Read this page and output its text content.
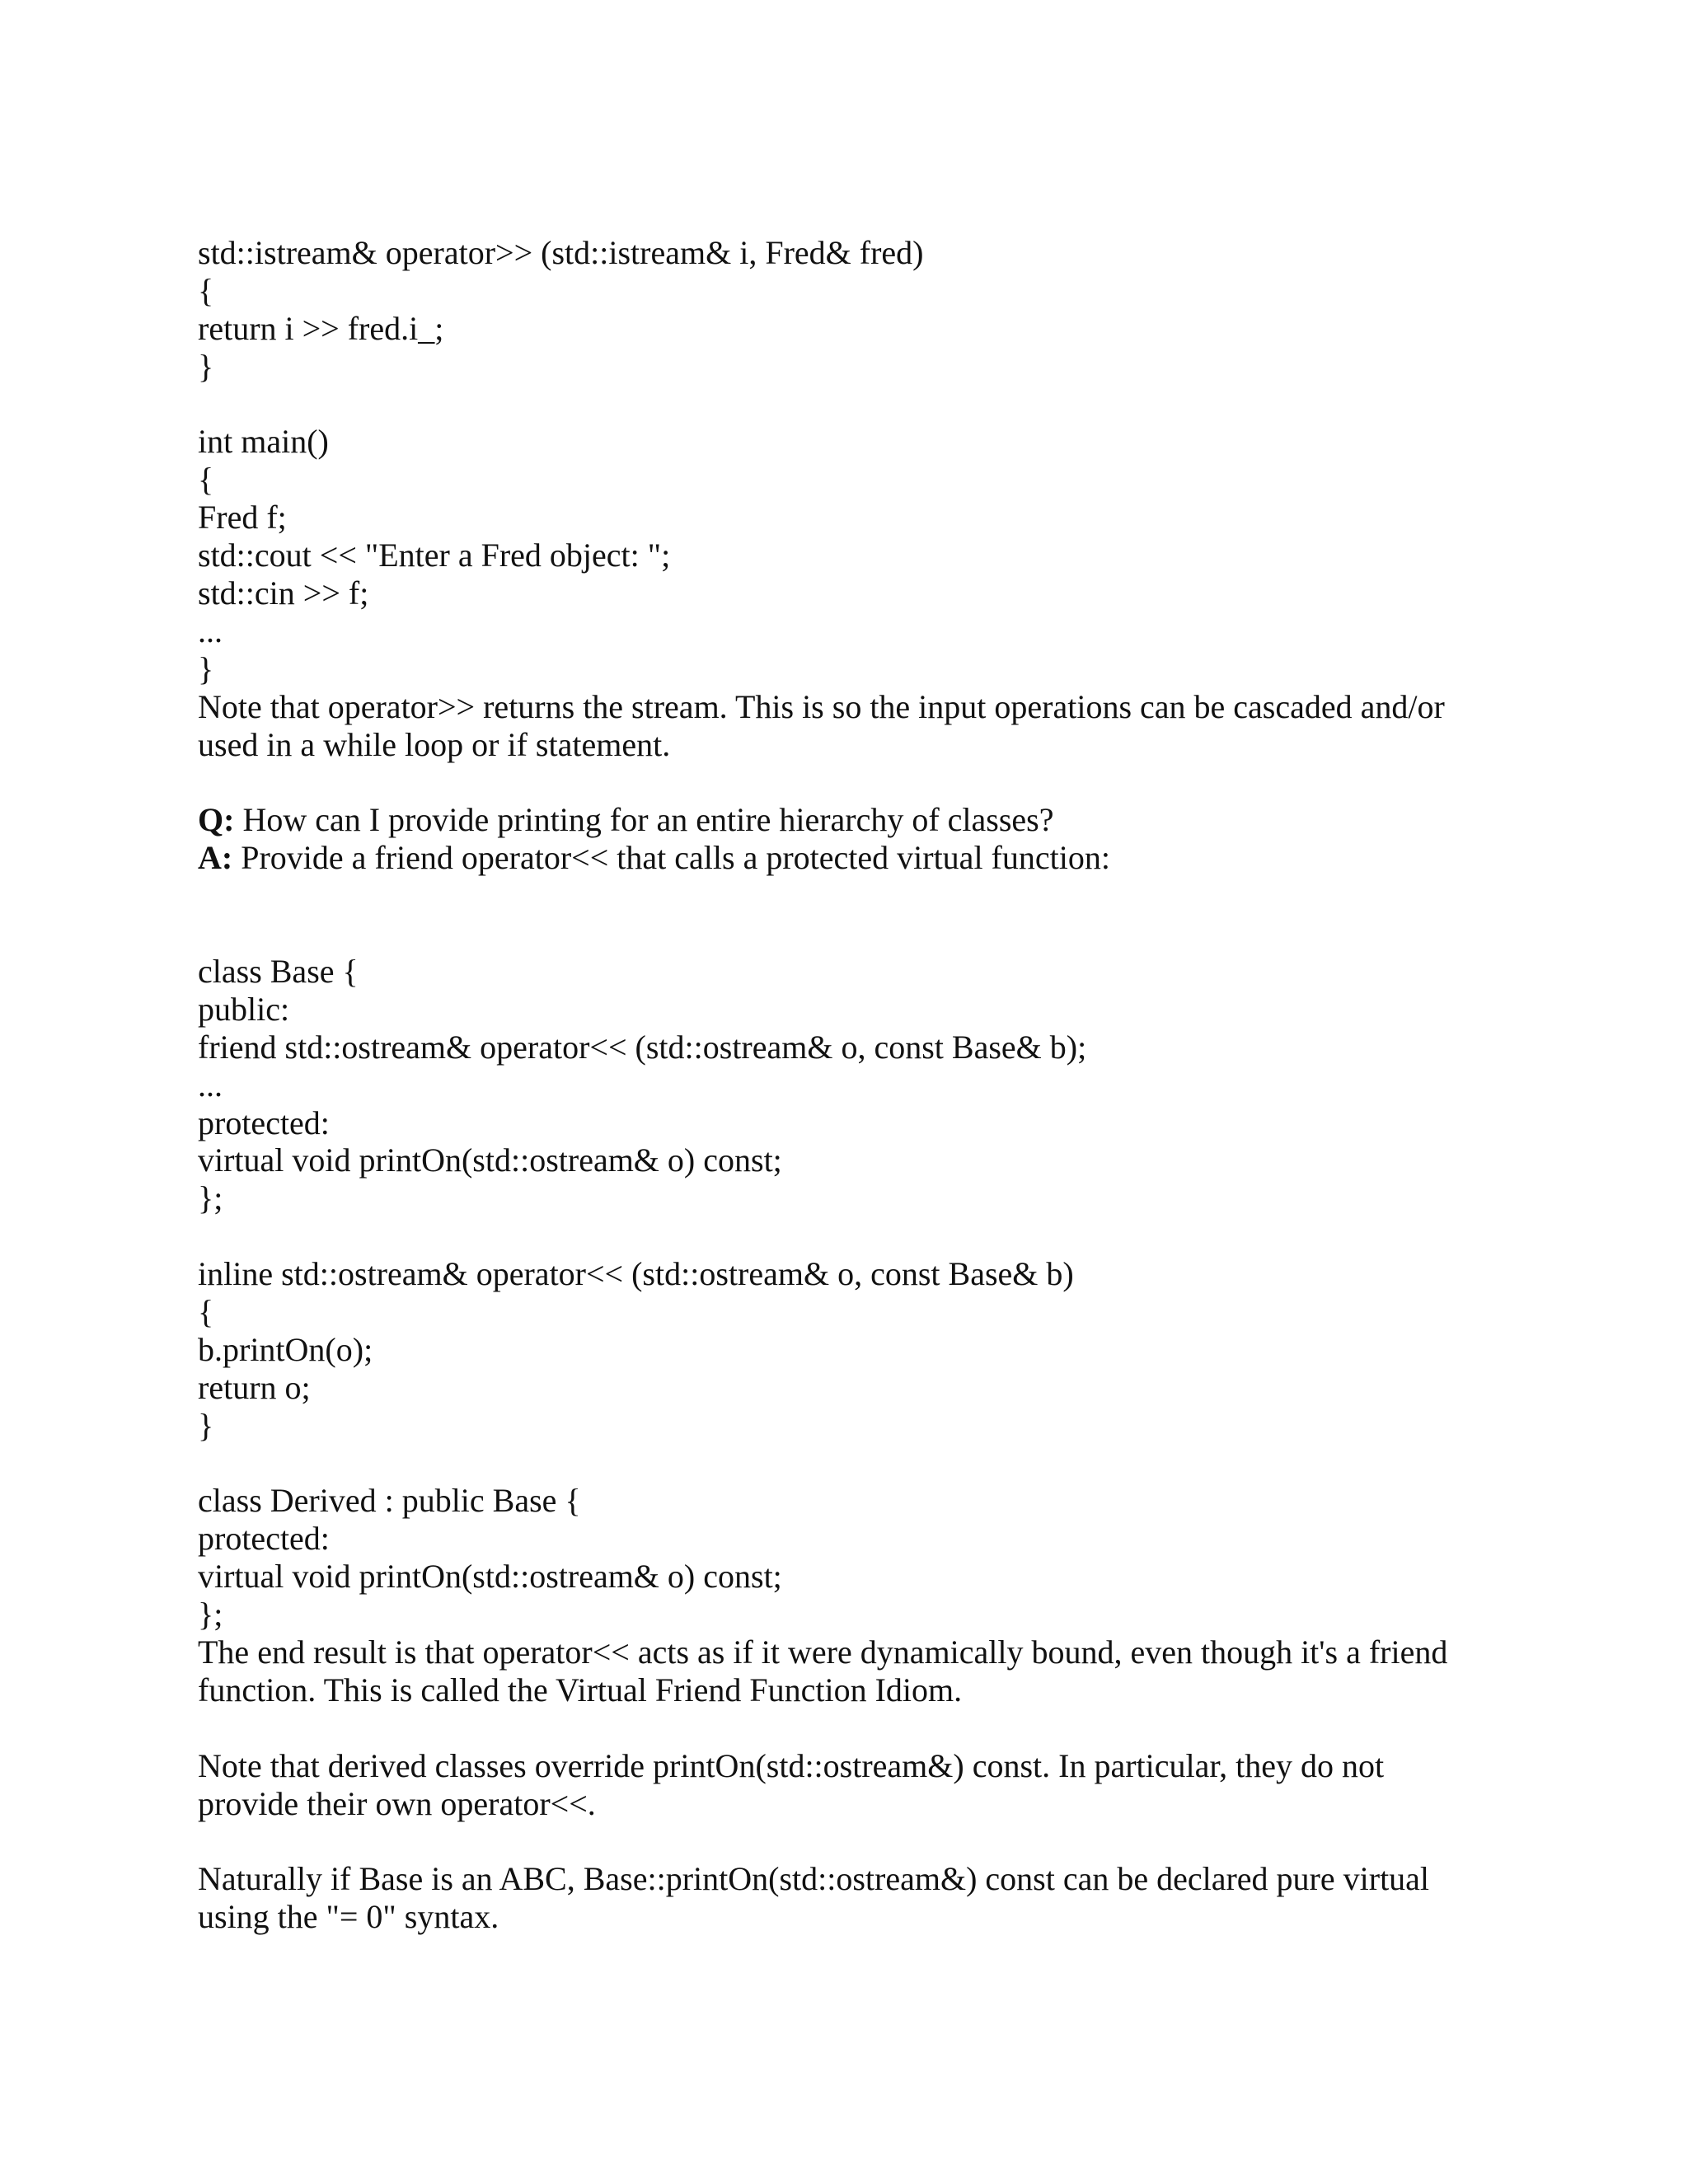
std::istream& operator>> (std::istream& i, Fred& fred)
{
return i >> fred.i_;
}
int main()
{
Fred f;
std::cout << "Enter a Fred object: ";
std::cin >> f;
...
}
Note that operator>> returns the stream. This is so the input operations can be cascaded and/or
used in a while loop or if statement.
Q: How can I provide printing for an entire hierarchy of classes?
A: Provide a friend operator<< that calls a protected virtual function:
class Base {
public:
friend std::ostream& operator<< (std::ostream& o, const Base& b);
...
protected:
virtual void printOn(std::ostream& o) const;
};
inline std::ostream& operator<< (std::ostream& o, const Base& b)
{
b.printOn(o);
return o;
}
class Derived : public Base {
protected:
virtual void printOn(std::ostream& o) const;
};
The end result is that operator<< acts as if it were dynamically bound, even though it's a friend
function. This is called the Virtual Friend Function Idiom.
Note that derived classes override printOn(std::ostream&) const. In particular, they do not
provide their own operator<<.
Naturally if Base is an ABC, Base::printOn(std::ostream&) const can be declared pure virtual
using the "= 0" syntax.
